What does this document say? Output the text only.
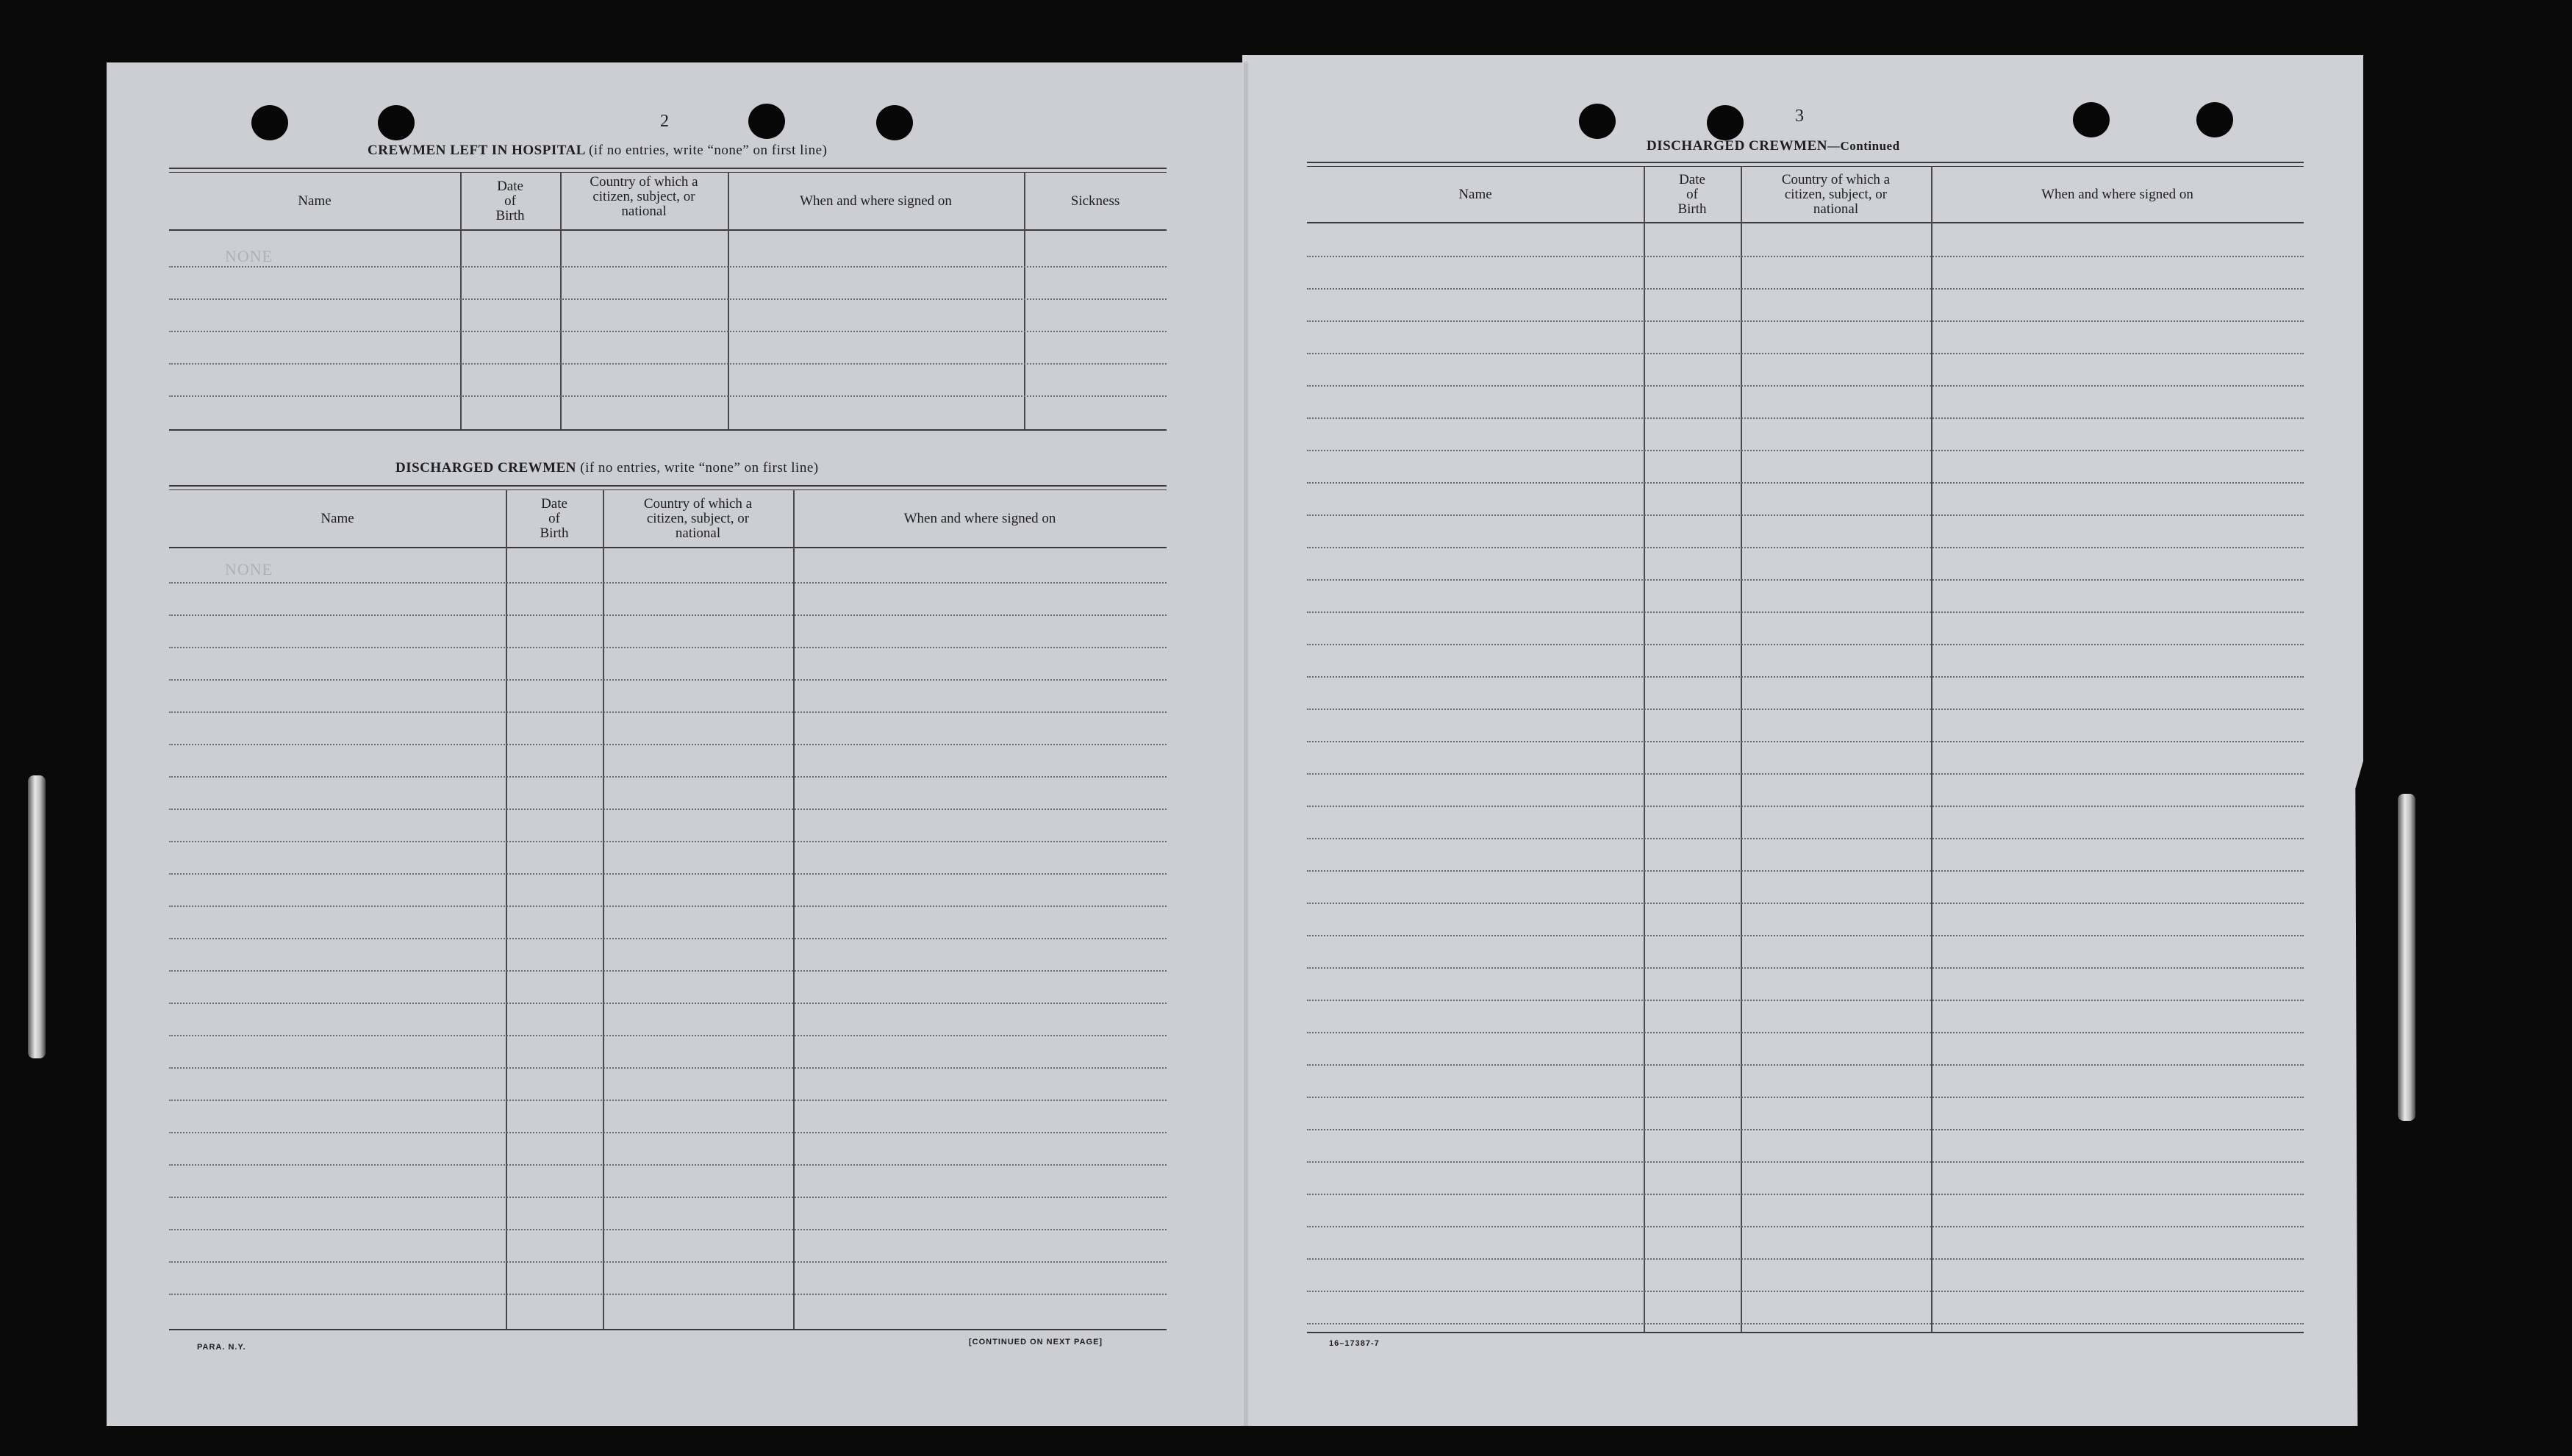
2
CREWMEN LEFT IN HOSPITAL (if no entries, write “none” on first line)
Name
Date
of
Birth
Country of which a
citizen, subject, or
national
When and where signed on	Sickness
NONE
DISCHARGED CREWMEN (if no entries, write “none” on first line)
Name
Date
of
Birth
Country of which a
citizen, subject, or
national
When and where signed on
NONE
PARA. N.Y.
[CONTINUED ON NEXT PAGE]
3
DISCHARGED CREWMEN—Continued
Name
Date
of
Birth
Country of which a
citizen, subject, or
national
When and where signed on
16–17387-7
